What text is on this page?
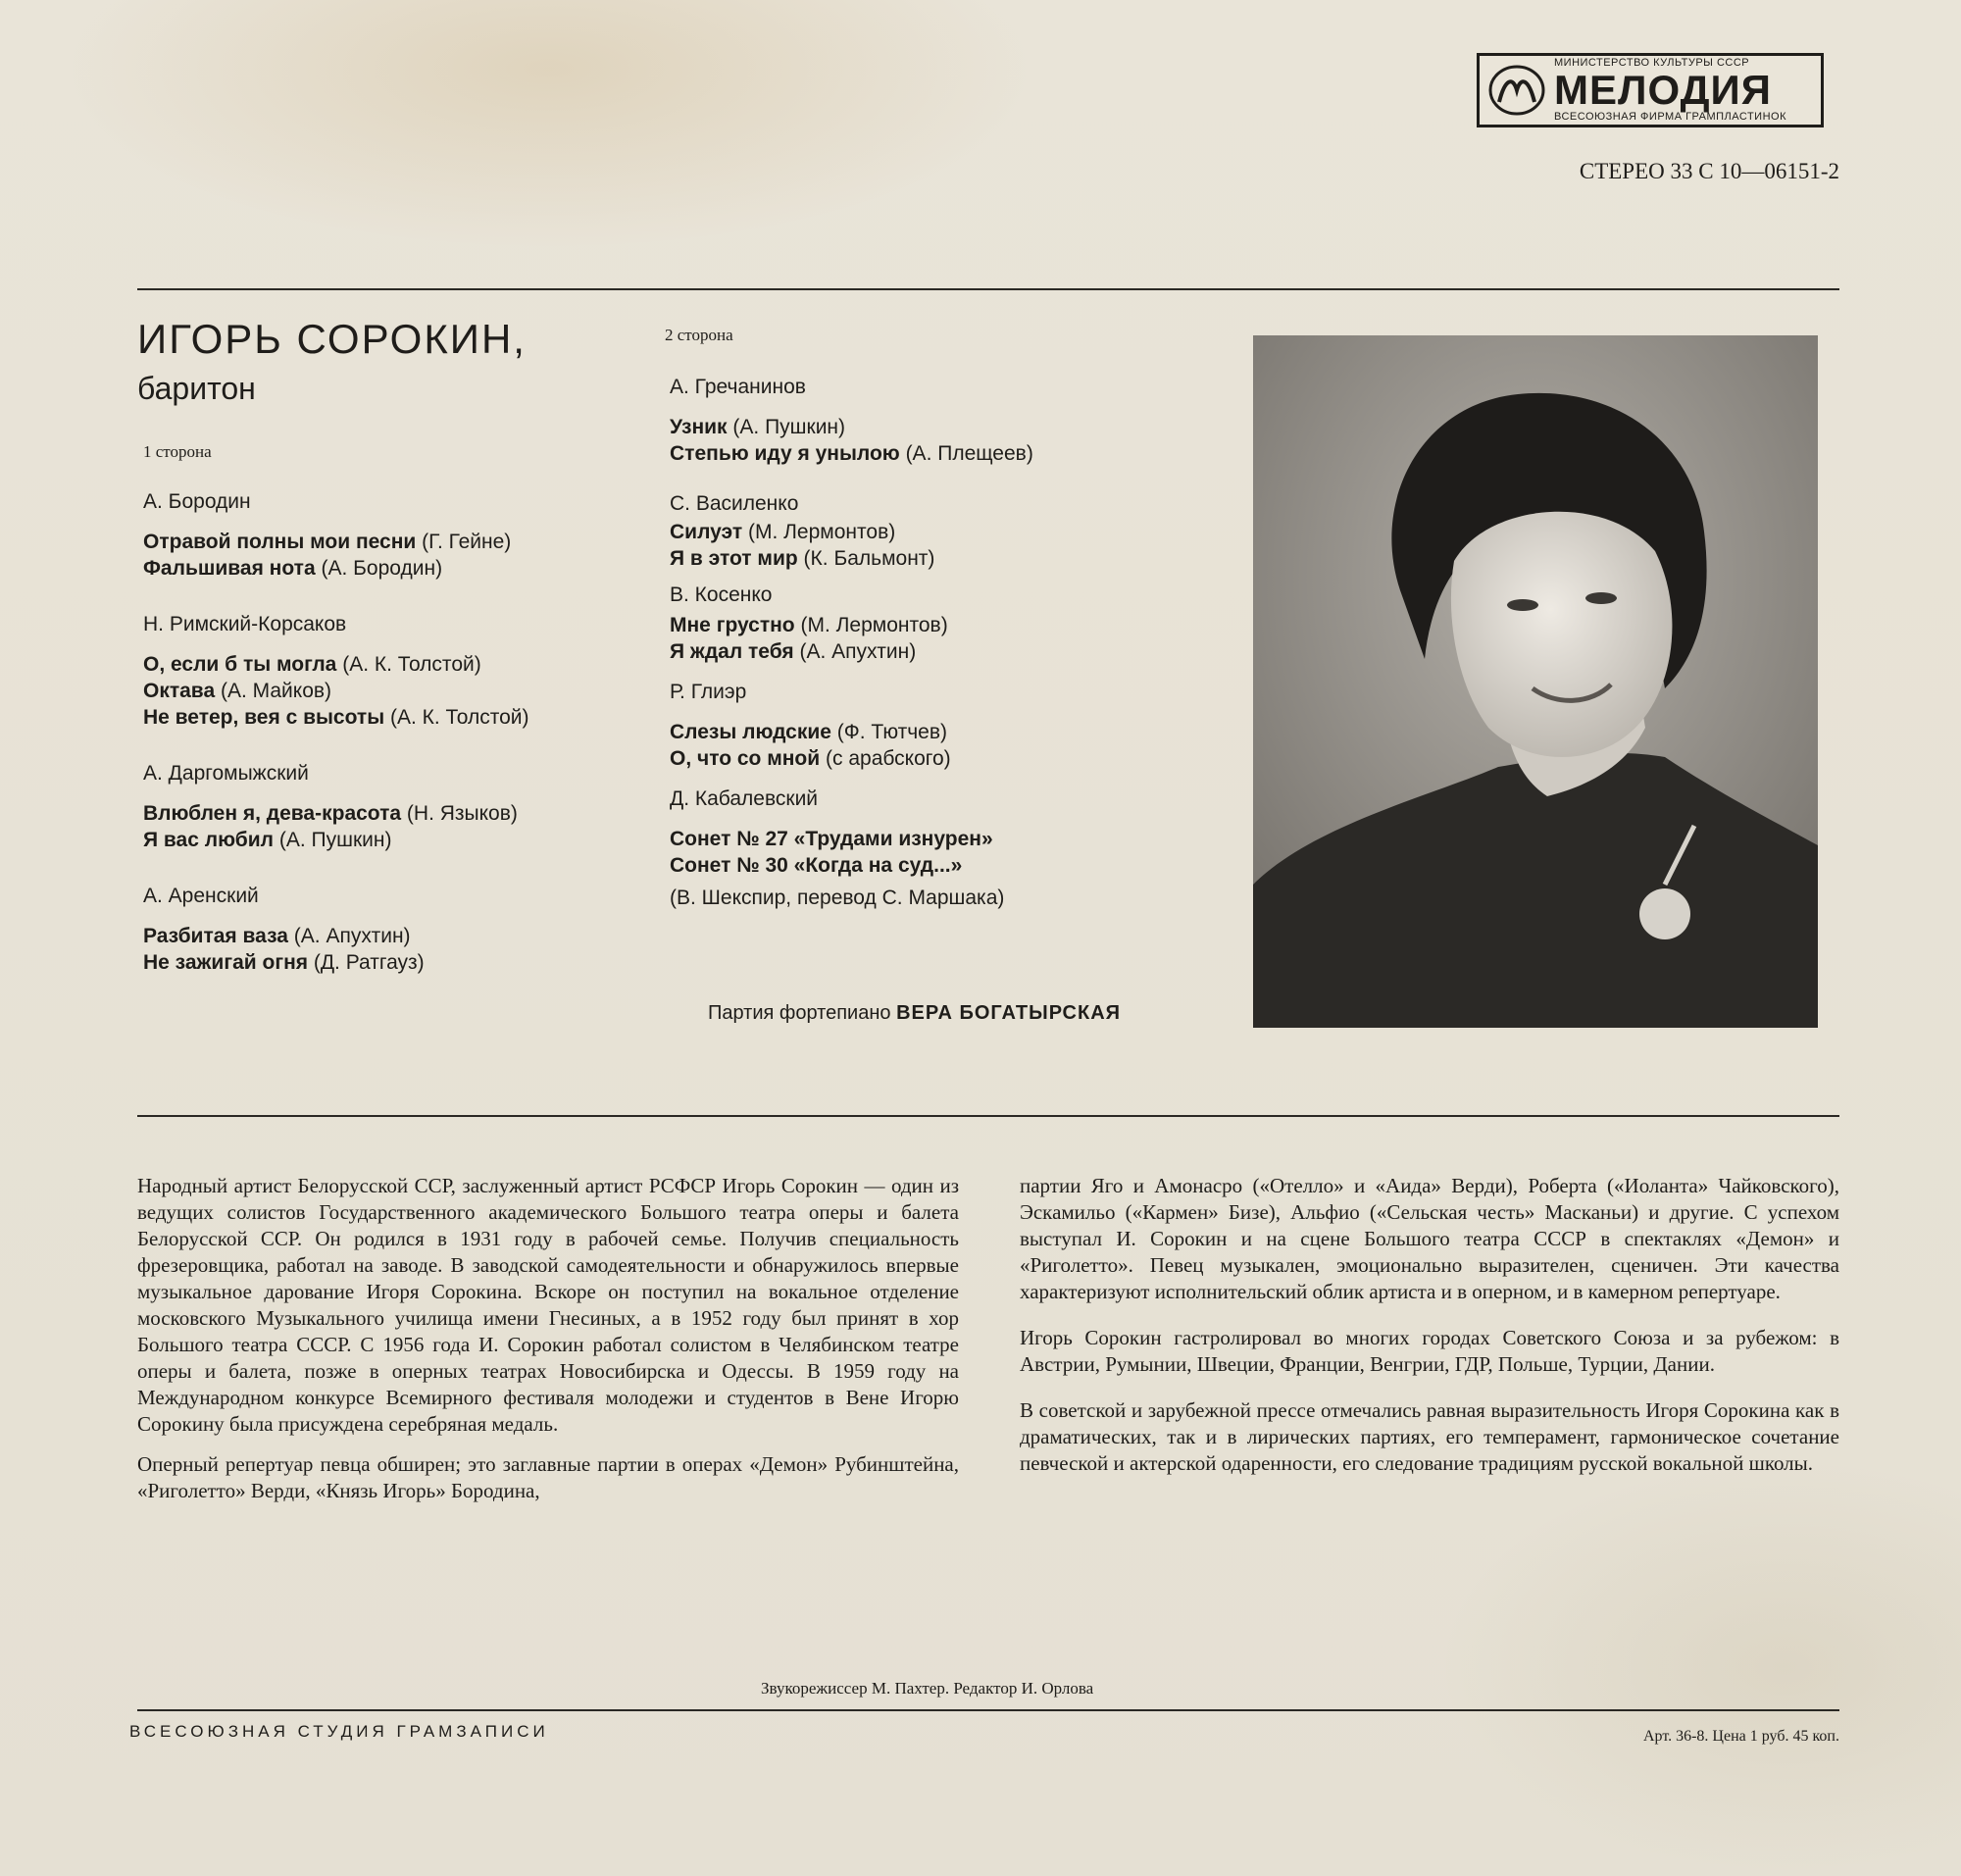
МИНИСТЕРСТВО КУЛЬТУРЫ СССР
МЕЛОДИЯ
ВСЕСОЮЗНАЯ ФИРМА ГРАМПЛАСТИНОК
СТЕРЕО 33 С 10—06151-2
ИГОРЬ СОРОКИН,
баритон
1 сторона
2 сторона
А. Бородин
Отравой полны мои песни (Г. Гейне)
Фальшивая нота (А. Бородин)
Н. Римский-Корсаков
О, если б ты могла (А. К. Толстой)
Октава (А. Майков)
Не ветер, вея с высоты (А. К. Толстой)
А. Даргомыжский
Влюблен я, дева-красота (Н. Языков)
Я вас любил (А. Пушкин)
А. Аренский
Разбитая ваза (А. Апухтин)
Не зажигай огня (Д. Ратгауз)
А. Гречанинов
Узник (А. Пушкин)
Степью иду я унылою (А. Плещеев)
С. Василенко
Силуэт (М. Лермонтов)
Я в этот мир (К. Бальмонт)
В. Косенко
Мне грустно (М. Лермонтов)
Я ждал тебя (А. Апухтин)
Р. Глиэр
Слезы людские (Ф. Тютчев)
О, что со мной (с арабского)
Д. Кабалевский
Сонет № 27 «Трудами изнурен»
Сонет № 30 «Когда на суд...»
(В. Шекспир, перевод С. Маршака)
Партия фортепиано ВЕРА БОГАТЫРСКАЯ

Народный артист Белорусской ССР, заслуженный артист РСФСР Игорь Сорокин — один из ведущих солистов Государственного академического Большого театра оперы и балета Белорусской ССР. Он родился в 1931 году в рабочей семье. Получив специальность фрезеровщика, работал на заводе. В заводской самодеятельности и обнаружилось впервые музыкальное дарование Игоря Сорокина. Вскоре он поступил на вокальное отделение московского Музыкального училища имени Гнесиных, а в 1952 году был принят в хор Большого театра СССР. С 1956 года И. Сорокин работал солистом в Челябинском театре оперы и балета, позже в оперных театрах Новосибирска и Одессы. В 1959 году на Международном конкурсе Всемирного фестиваля молодежи и студентов в Вене Игорю Сорокину была присуждена серебряная медаль.

Оперный репертуар певца обширен; это заглавные партии в операх «Демон» Рубинштейна, «Риголетто» Верди, «Князь Игорь» Бородина,

партии Яго и Амонасро («Отелло» и «Аида» Верди), Роберта («Иоланта» Чайковского), Эскамильо («Кармен» Бизе), Альфио («Сельская честь» Масканьи) и другие. С успехом выступал И. Сорокин и на сцене Большого театра СССР в спектаклях «Демон» и «Риголетто». Певец музыкален, эмоционально выразителен, сценичен. Эти качества характеризуют исполнительский облик артиста и в оперном, и в камерном репертуаре.

Игорь Сорокин гастролировал во многих городах Советского Союза и за рубежом: в Австрии, Румынии, Швеции, Франции, Венгрии, ГДР, Польше, Турции, Дании.

В советской и зарубежной прессе отмечались равная выразительность Игоря Сорокина как в драматических, так и в лирических партиях, его темперамент, гармоническое сочетание певческой и актерской одаренности, его следование традициям русской вокальной школы.

Звукорежиссер М. Пахтер. Редактор И. Орлова
ВСЕСОЮЗНАЯ СТУДИЯ ГРАМЗАПИСИ	Арт. 36-8. Цена 1 руб. 45 коп.
